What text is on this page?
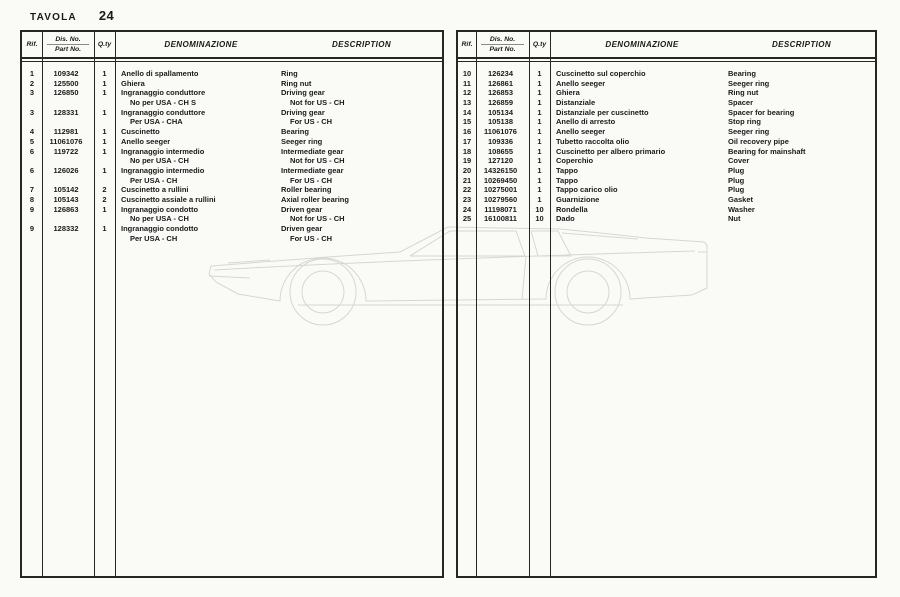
TAVOLA 24
Rif.
Dis. No.
Part No.
Q.ty	DENOMINAZIONE	DESCRIPTION
1	109342	1	Anello di spallamento	Ring
2	125500	1	Ghiera	Ring nut
3	126850	1	Ingranaggio conduttore	Driving gear
No per USA - CH S	Not for US - CH
3	128331	1	Ingranaggio conduttore	Driving gear
Per USA - CHA	For US - CH
4	112981	1	Cuscinetto	Bearing
5	11061076	1	Anello seeger	Seeger ring
6	119722	1	Ingranaggio intermedio	Intermediate gear
No per USA - CH	Not for US - CH
6	126026	1	Ingranaggio intermedio	Intermediate gear
Per USA - CH	For US - CH
7	105142	2	Cuscinetto a rullini	Roller bearing
8	105143	2	Cuscinetto assiale a rullini	Axial roller bearing
9	126863	1	Ingranaggio condotto	Driven gear
No per USA - CH	Not for US - CH
9	128332	1	Ingranaggio condotto	Driven gear
Per USA - CH	For US - CH
Rif.
Dis. No.
Part No.
Q.ty	DENOMINAZIONE	DESCRIPTION
10	126234	1	Cuscinetto sul coperchio	Bearing
11	126861	1	Anello seeger	Seeger ring
12	126853	1	Ghiera	Ring nut
13	126859	1	Distanziale	Spacer
14	105134	1	Distanziale per cuscinetto	Spacer for bearing
15	105138	1	Anello di arresto	Stop ring
16	11061076	1	Anello seeger	Seeger ring
17	109336	1	Tubetto raccolta olio	Oil recovery pipe
18	108655	1	Cuscinetto per albero primario	Bearing for mainshaft
19	127120	1	Coperchio	Cover
20	14326150	1	Tappo	Plug
21	10269450	1	Tappo	Plug
22	10275001	1	Tappo carico olio	Plug
23	10279560	1	Guarnizione	Gasket
24	11198071	10	Rondella	Washer
25	16100811	10	Dado	Nut
